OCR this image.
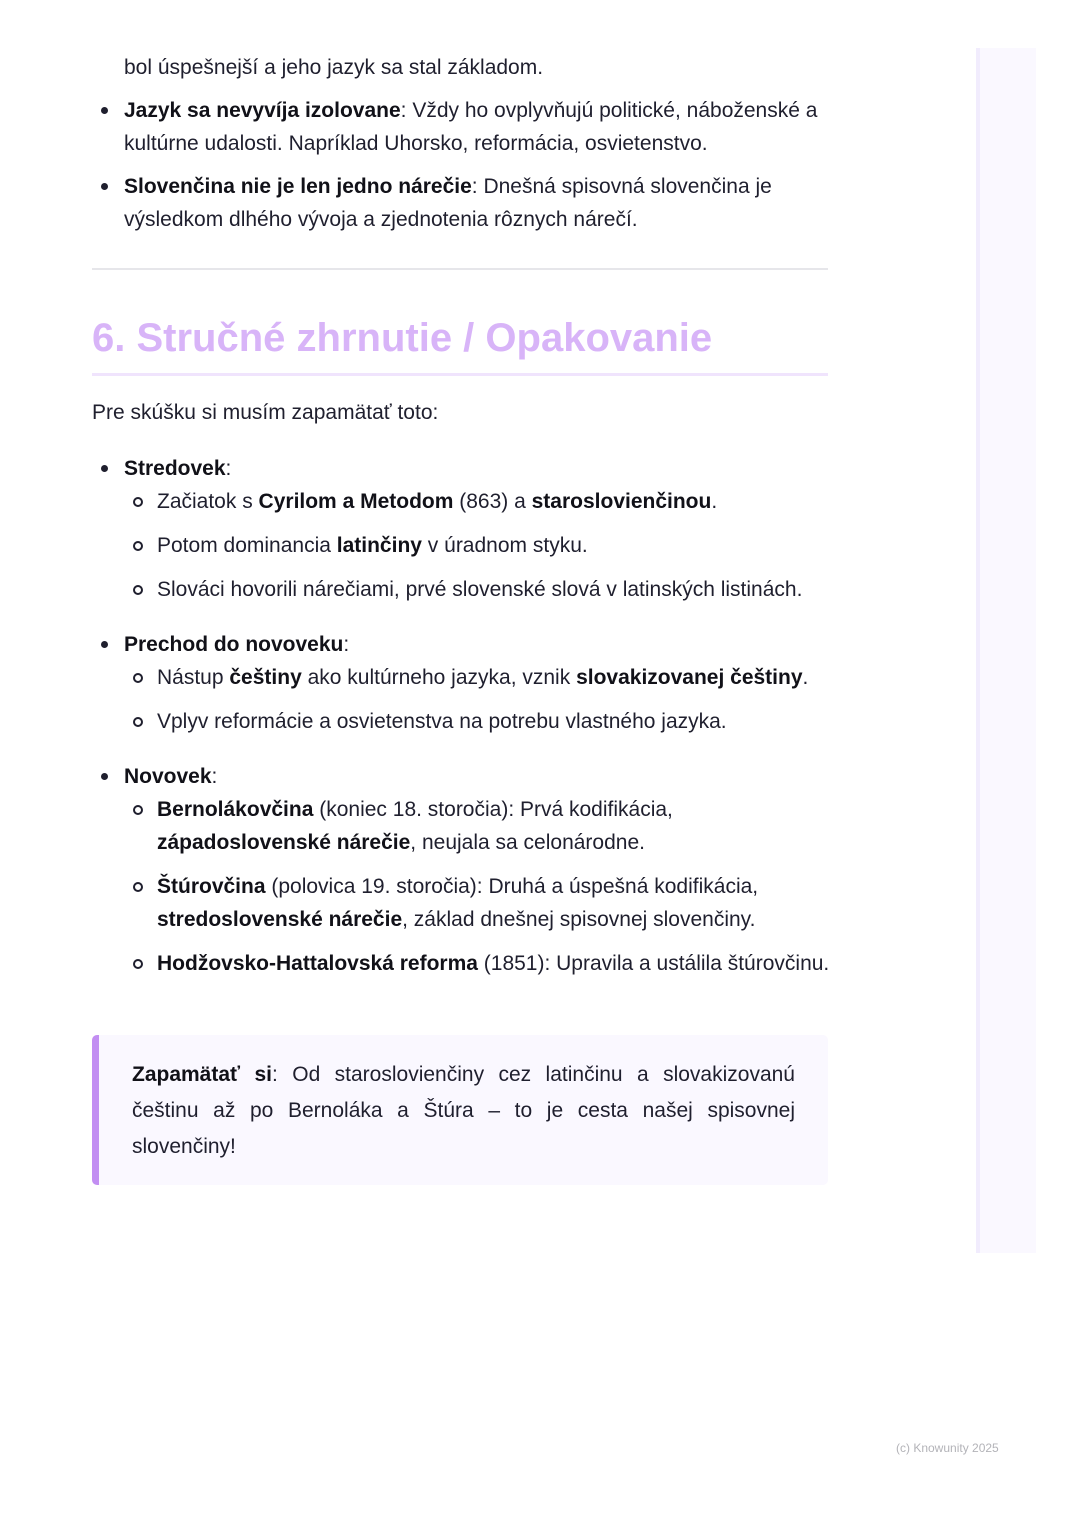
bol úspešnejší a jeho jazyk sa stal základom.

Jazyk sa nevyvíja izolovane: Vždy ho ovplyvňujú politické, náboženské a kultúrne udalosti. Napríklad Uhorsko, reformácia, osvietenstvo.
Slovenčina nie je len jedno nárečie: Dnešná spisovná slovenčina je výsledkom dlhého vývoja a zjednotenia rôznych nárečí.
6. Stručné zhrnutie / Opakovanie

Pre skúšku si musím zapamätať toto:

Stredovek:
Začiatok s Cyrilom a Metodom (863) a staroslovienčinou.
Potom dominancia latinčiny v úradnom styku.
Slováci hovorili nárečiami, prvé slovenské slová v latinských listinách.
Prechod do novoveku:
Nástup češtiny ako kultúrneho jazyka, vznik slovakizovanej češtiny.
Vplyv reformácie a osvietenstva na potrebu vlastného jazyka.
Novovek:
Bernolákovčina (koniec 18. storočia): Prvá kodifikácia, západoslovenské nárečie, neujala sa celonárodne.
Štúrovčina (polovica 19. storočia): Druhá a úspešná kodifikácia, stredoslovenské nárečie, základ dnešnej spisovnej slovenčiny.
Hodžovsko-Hattalovská reforma (1851): Upravila a ustálila štúrovčinu.

Zapamätať si: Od staroslovienčiny cez latinčinu a slovakizovanú češtinu až po Bernoláka a Štúra – to je cesta našej spisovnej slovenčiny!

(c) Knowunity 2025
